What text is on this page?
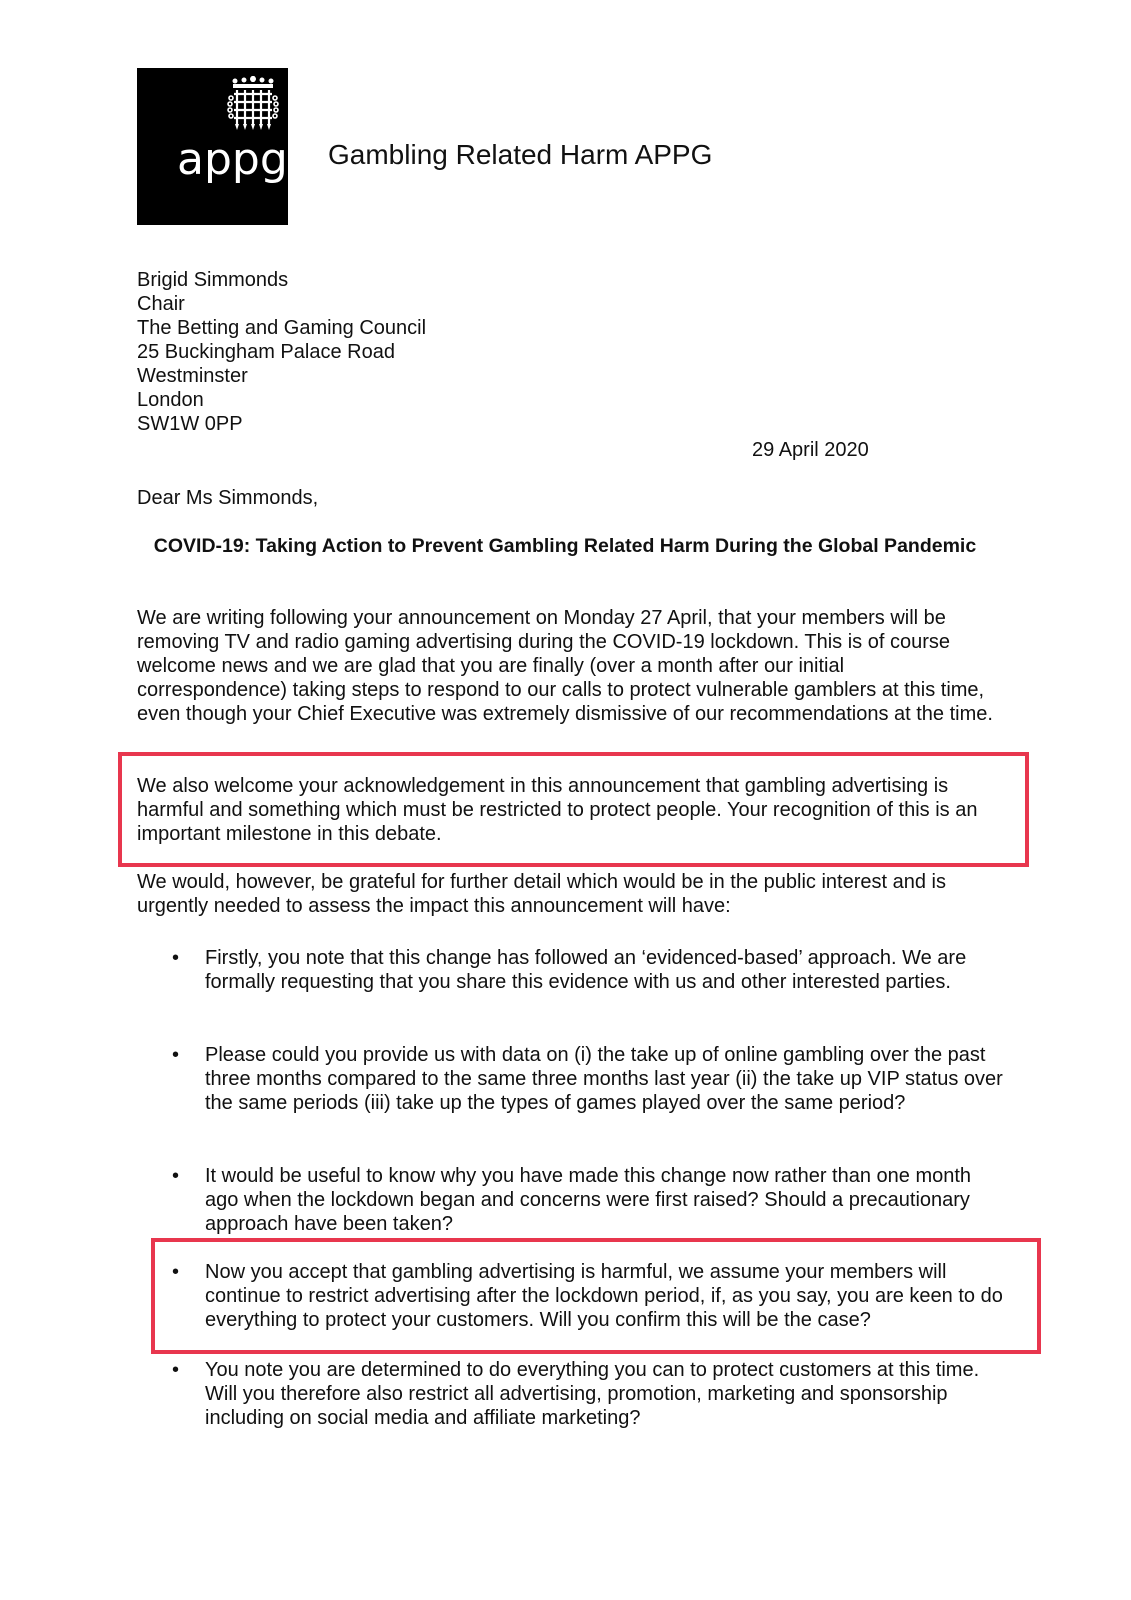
appg Gambling Related Harm APPG
Brigid Simmonds
Chair
The Betting and Gaming Council
25 Buckingham Palace Road
Westminster
London
SW1W 0PP
29 April 2020
Dear Ms Simmonds,
COVID-19: Taking Action to Prevent Gambling Related Harm During the Global Pandemic
We are writing following your announcement on Monday 27 April, that your members will be removing TV and radio gaming advertising during the COVID-19 lockdown. This is of course welcome news and we are glad that you are finally (over a month after our initial correspondence) taking steps to respond to our calls to protect vulnerable gamblers at this time, even though your Chief Executive was extremely dismissive of our recommendations at the time.
We also welcome your acknowledgement in this announcement that gambling advertising is harmful and something which must be restricted to protect people. Your recognition of this is an important milestone in this debate.
We would, however, be grateful for further detail which would be in the public interest and is urgently needed to assess the impact this announcement will have:
•	Firstly, you note that this change has followed an ‘evidenced-based’ approach. We are formally requesting that you share this evidence with us and other interested parties.
•	Please could you provide us with data on (i) the take up of online gambling over the past three months compared to the same three months last year (ii) the take up VIP status over the same periods (iii) take up the types of games played over the same period?
•	It would be useful to know why you have made this change now rather than one month ago when the lockdown began and concerns were first raised? Should a precautionary approach have been taken?
•	Now you accept that gambling advertising is harmful, we assume your members will continue to restrict advertising after the lockdown period, if, as you say, you are keen to do everything to protect your customers. Will you confirm this will be the case?
•	You note you are determined to do everything you can to protect customers at this time. Will you therefore also restrict all advertising, promotion, marketing and sponsorship including on social media and affiliate marketing?
